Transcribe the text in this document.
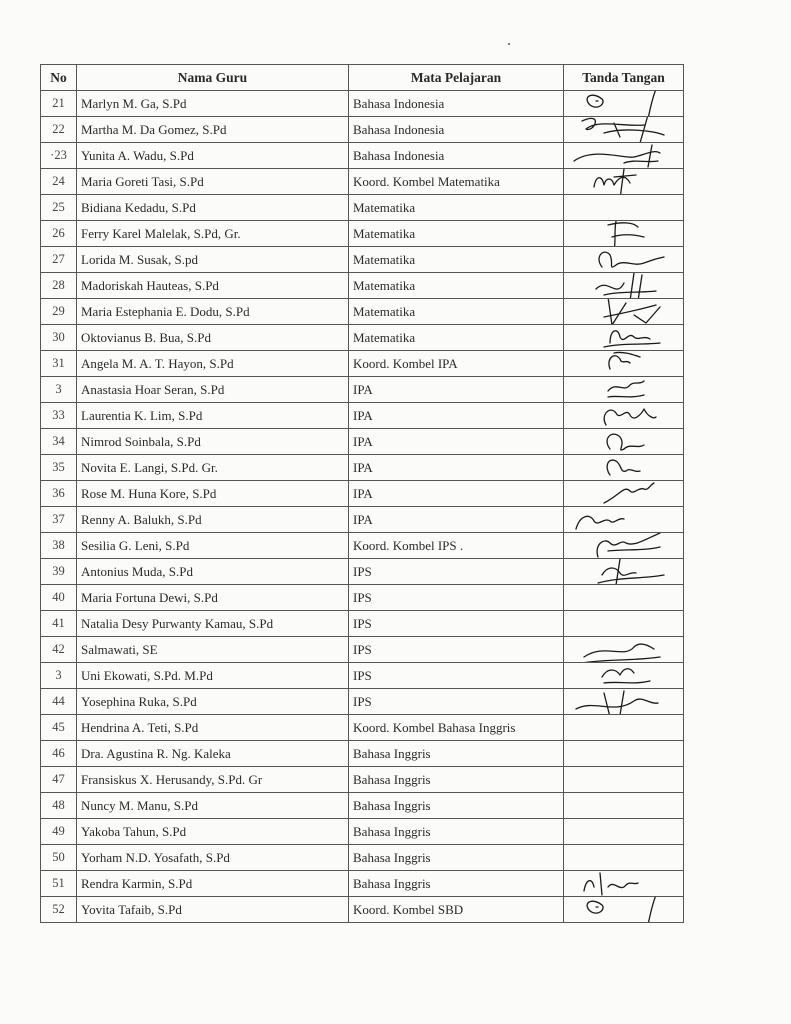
No	Nama Guru	Mata Pelajaran	Tanda Tangan
21	Marlyn M. Ga, S.Pd	Bahasa Indonesia	

22	Martha M. Da Gomez, S.Pd	Bahasa Indonesia	

·23	Yunita A. Wadu, S.Pd	Bahasa Indonesia	

24	Maria Goreti Tasi, S.Pd	Koord. Kombel Matematika	

25	Bidiana Kedadu, S.Pd	Matematika	
26	Ferry Karel Malelak, S.Pd, Gr.	Matematika	

27	Lorida M. Susak, S.pd	Matematika	

28	Madoriskah Hauteas, S.Pd	Matematika	

29	Maria Estephania E. Dodu, S.Pd	Matematika	

30	Oktovianus B. Bua, S.Pd	Matematika	

31	Angela M. A. T. Hayon, S.Pd	Koord. Kombel IPA	

3	Anastasia Hoar Seran, S.Pd	IPA	

33	Laurentia K. Lim, S.Pd	IPA	

34	Nimrod Soinbala, S.Pd	IPA	

35	Novita E. Langi, S.Pd. Gr.	IPA	

36	Rose M. Huna Kore, S.Pd	IPA	

37	Renny A. Balukh, S.Pd	IPA	

38	Sesilia G. Leni, S.Pd	Koord. Kombel IPS .	

39	Antonius Muda, S.Pd	IPS	

40	Maria Fortuna Dewi, S.Pd	IPS	
41	Natalia Desy Purwanty Kamau, S.Pd	IPS	
42	Salmawati, SE	IPS	

3	Uni Ekowati, S.Pd. M.Pd	IPS	

44	Yosephina Ruka, S.Pd	IPS	

45	Hendrina A. Teti, S.Pd	Koord. Kombel Bahasa Inggris	
46	Dra. Agustina R. Ng. Kaleka	Bahasa Inggris	
47	Fransiskus X. Herusandy, S.Pd. Gr	Bahasa Inggris	
48	Nuncy M. Manu, S.Pd	Bahasa Inggris	
49	Yakoba Tahun, S.Pd	Bahasa Inggris	
50	Yorham N.D. Yosafath, S.Pd	Bahasa Inggris	
51	Rendra Karmin, S.Pd	Bahasa Inggris	

52	Yovita Tafaib, S.Pd	Koord. Kombel SBD	
